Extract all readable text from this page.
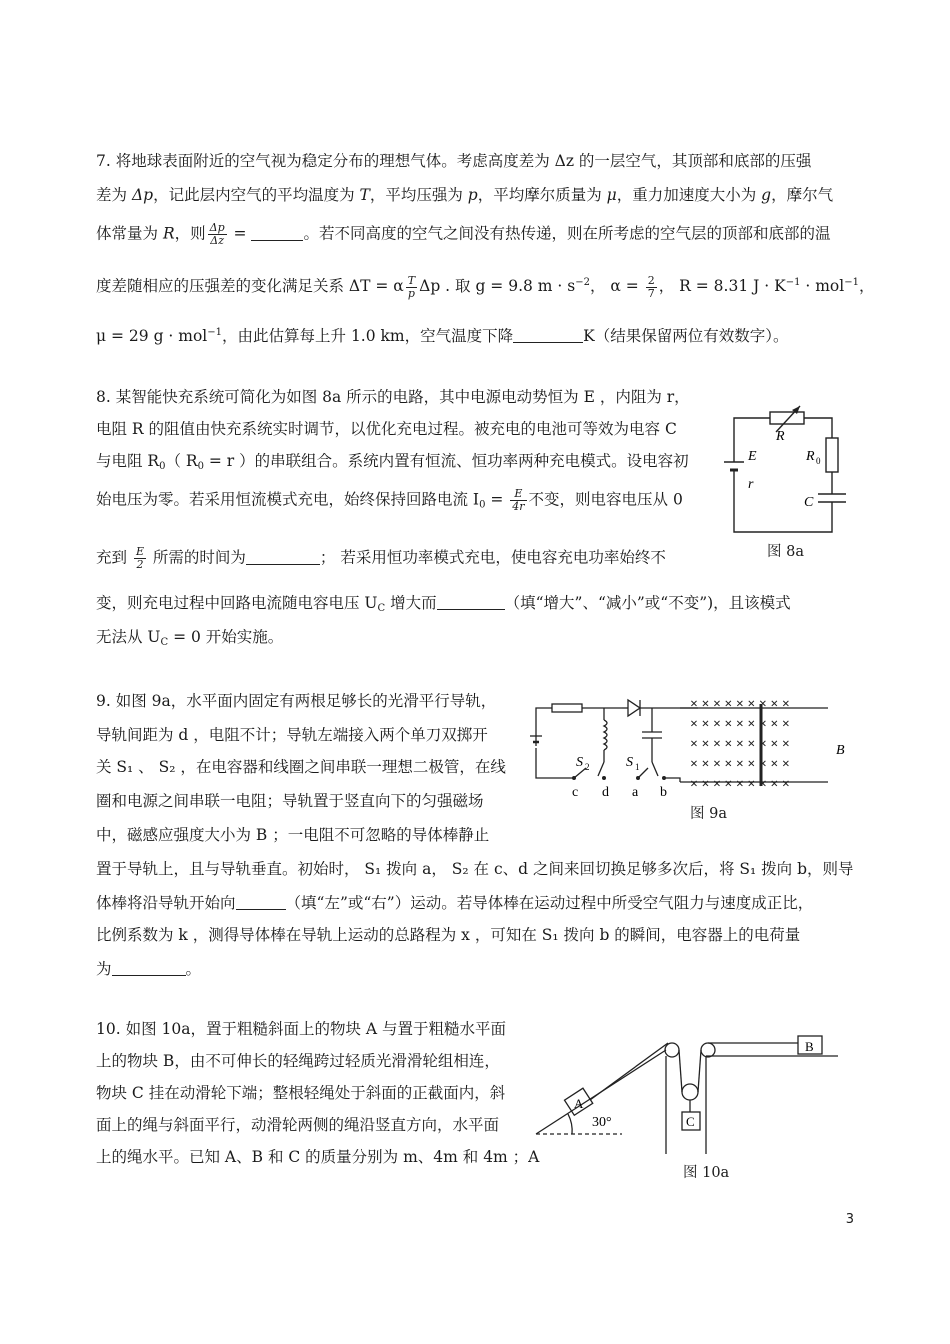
7. 将地球表面附近的空气视为稳定分布的理想气体。考虑高度差为 Δz 的一层空气，其顶部和底部的压强
差为 Δp，记此层内空气的平均温度为 T，平均压强为 p，平均摩尔质量为 μ，重力加速度大小为 g，摩尔气
体常量为 R，则 $\frac{\Delta p}{\Delta z}$ =	。若不同高度的空气之间没有热传递，则在所考虑的空气层的顶部和底部的温
度差随相应的压强差的变化满足关系 ΔT = α $\frac{T}{p}$ Δp . 取 g = 9.8 $m \cdot s^{-2}$， $\alpha = \frac{2}{7}$ ， R = 8.31 $J \cdot K^{-1} \cdot mol^{-1}$，
μ = 29 g · mol$^{-1}$，由此估算每上升 1.0 km，空气温度下降	K（结果保留两位有效数字）。
8. 某智能快充系统可简化为如图 8a 所示的电路，其中电源电动势恒为 E ，内阻为 r，
电阻 R 的阻值由快充系统实时调节，以优化充电过程。被充电的电池可等效为电容 C
与电阻 $R_0$（ $R_0 = r$ ）的串联组合。系统内置有恒流、恒功率两种充电模式。设电容初
始电压为零。若采用恒流模式充电，始终保持回路电流 $I_0 = \frac{E}{4r}$ 不变，则电容电压从 0
充到 $\frac{E}{2}$ 所需的时间为	； 若采用恒功率模式充电，使电容充电功率始终不
变，则充电过程中回路电流随电容电压 $U_C$ 增大而	（填“增大”、“减小”或“不变”)，且该模式
无法从 $U_C = 0$ 开始实施。
R
E
r
R 0
C
图 8a
9. 如图 9a，水平面内固定有两根足够长的光滑平行导轨，
导轨间距为 d ，电阻不计；导轨左端接入两个单刀双掷开
关 S₁ 、 S₂ ，在电容器和线圈之间串联一理想二极管，在线
圈和电源之间串联一电阻；导轨置于竖直向下的匀强磁场
中，磁感应强度大小为 B ；一电阻不可忽略的导体棒静止
置于导轨上，且与导轨垂直。初始时， S₁ 拨向 a， S₂ 在 c、d 之间来回切换足够多次后，将 S₁ 拨向 b，则导
体棒将沿导轨开始向	（填“左”或“右”）运动。若导体棒在运动过程中所受空气阻力与速度成正比，
比例系数为 k ，测得导体棒在导轨上运动的总路程为 x ，可知在 S₁ 拨向 b 的瞬间，电容器上的电荷量
为	。
× × × × × × × × ×
× × × × × × × × ×
× × × × × × × × ×
× × × × × × × × ×
× × × × × × × × ×
B
S 2	S 1
c d a b
图 9a
10. 如图 10a，置于粗糙斜面上的物块 A 与置于粗糙水平面
上的物块 B，由不可伸长的轻绳跨过轻质光滑滑轮组相连，
物块 C 挂在动滑轮下端；整根轻绳处于斜面的正截面内，斜
面上的绳与斜面平行，动滑轮两侧的绳沿竖直方向，水平面
上的绳水平。已知 A、B 和 C 的质量分别为 m、4m 和 4m ；A
A
B
C
30°
图 10a
3
